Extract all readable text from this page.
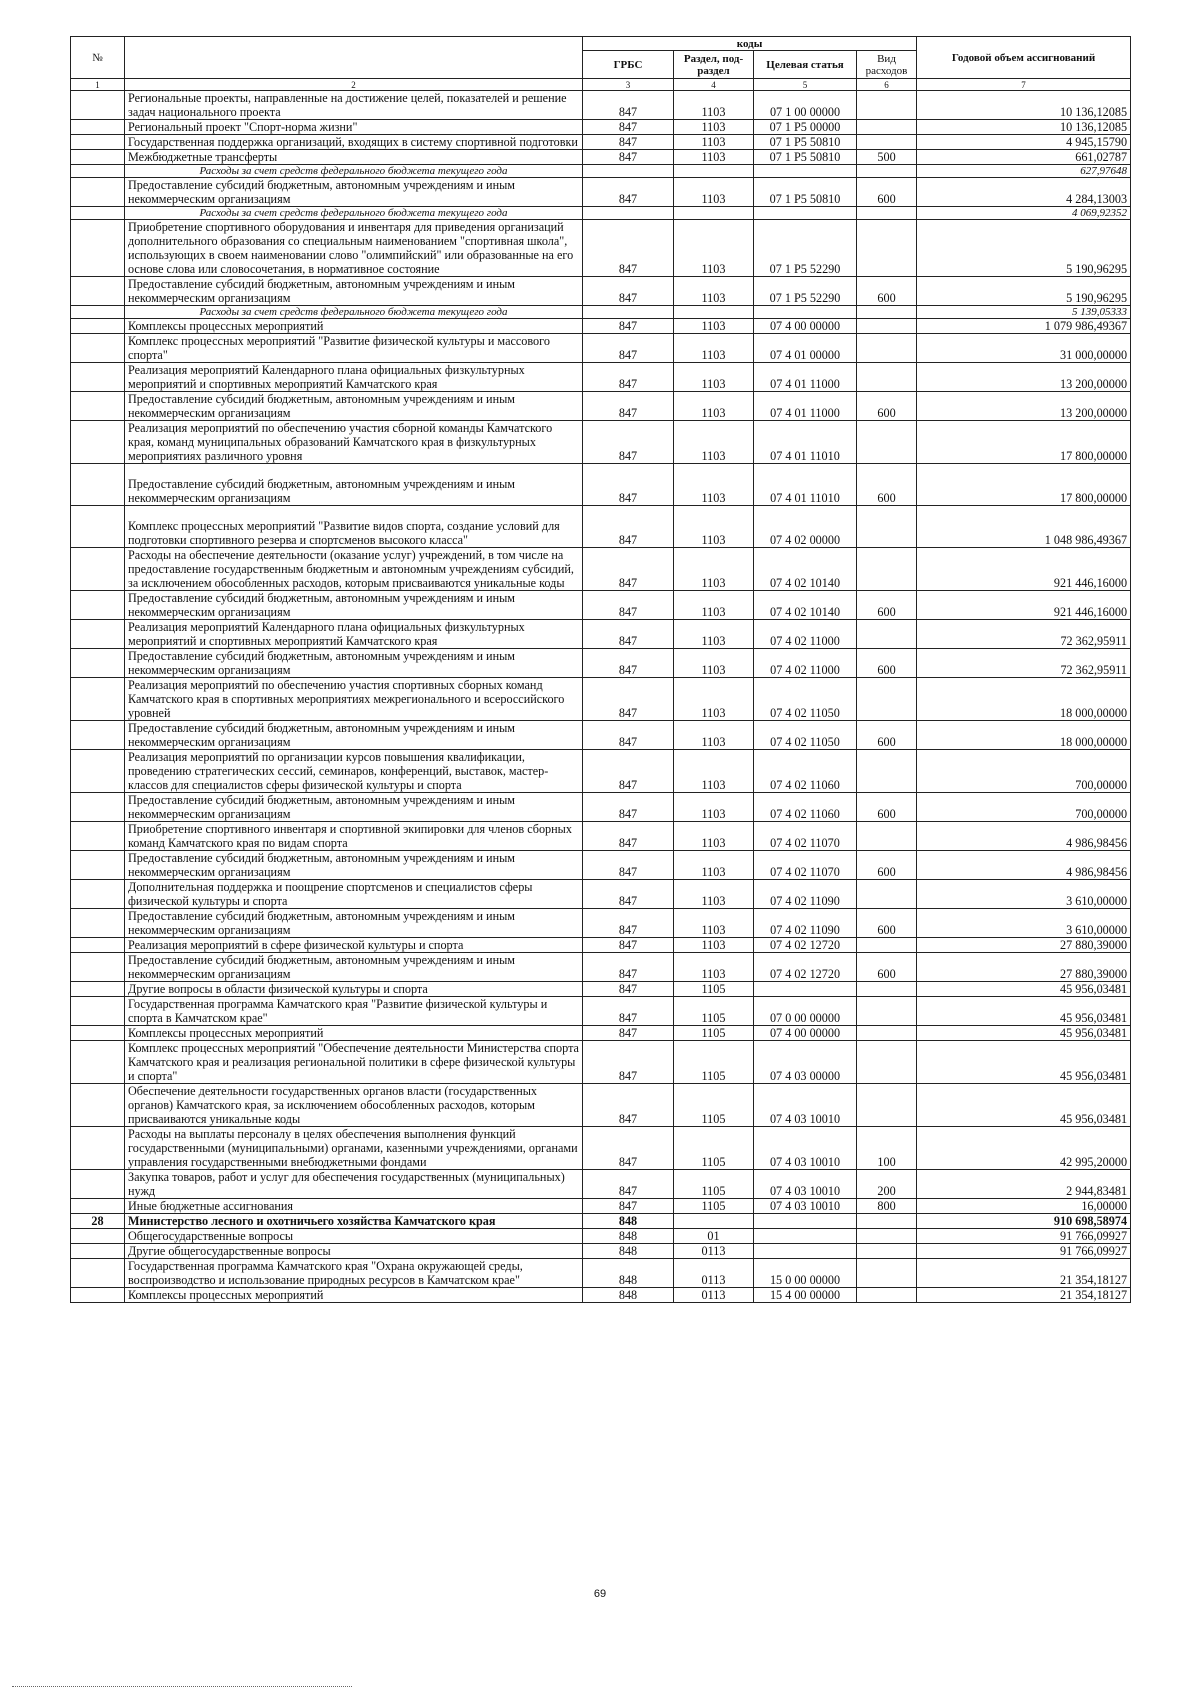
№		коды				Годовой объем ассигнований
		ГРБС	Раздел, под-раздел	Целевая статья	Вид расходов	
1	2	3	4	5	6	7
	Региональные проекты, направленные на достижение целей, показателей и решение задач национального проекта	847	1103	07 1 00 00000		10 136,12085
	Региональный проект "Спорт-норма жизни"	847	1103	07 1 P5 00000		10 136,12085
	Государственная поддержка организаций, входящих в систему спортивной подготовки	847	1103	07 1 P5 50810		4 945,15790
	Межбюджетные трансферты	847	1103	07 1 P5 50810	500	661,02787
	Расходы за счет средств федерального бюджета текущего года					627,97648
	Предоставление субсидий бюджетным, автономным учреждениям и иным некоммерческим организациям	847	1103	07 1 P5 50810	600	4 284,13003
	Расходы за счет средств федерального бюджета текущего года					4 069,92352
	Приобретение спортивного оборудования и инвентаря для приведения организаций дополнительного образования со специальным наименованием "спортивная школа", использующих в своем наименовании слово "олимпийский" или образованные на его основе слова или словосочетания, в нормативное состояние	847	1103	07 1 P5 52290		5 190,96295
	Предоставление субсидий бюджетным, автономным учреждениям и иным некоммерческим организациям	847	1103	07 1 P5 52290	600	5 190,96295
	Расходы за счет средств федерального бюджета текущего года					5 139,05333
	Комплексы процессных мероприятий	847	1103	07 4 00 00000		1 079 986,49367
	Комплекс процессных мероприятий "Развитие физической культуры и массового спорта"	847	1103	07 4 01 00000		31 000,00000
	Реализация мероприятий Календарного плана официальных физкультурных мероприятий и спортивных мероприятий Камчатского края	847	1103	07 4 01 11000		13 200,00000
	Предоставление субсидий бюджетным, автономным учреждениям и иным некоммерческим организациям	847	1103	07 4 01 11000	600	13 200,00000
	Реализация мероприятий по обеспечению участия сборной команды Камчатского края, команд муниципальных образований Камчатского края в физкультурных мероприятиях различного уровня	847	1103	07 4 01 11010		17 800,00000
	Предоставление субсидий бюджетным, автономным учреждениям и иным некоммерческим организациям	847	1103	07 4 01 11010	600	17 800,00000
	Комплекс процессных мероприятий "Развитие видов спорта, создание условий для подготовки спортивного резерва и спортсменов высокого класса"	847	1103	07 4 02 00000		1 048 986,49367
	Расходы на обеспечение деятельности (оказание услуг) учреждений, в том числе на предоставление государственным бюджетным и автономным учреждениям субсидий, за исключением обособленных расходов, которым присваиваются уникальные коды	847	1103	07 4 02 10140		921 446,16000
	Предоставление субсидий бюджетным, автономным учреждениям и иным некоммерческим организациям	847	1103	07 4 02 10140	600	921 446,16000
	Реализация мероприятий Календарного плана официальных физкультурных мероприятий и спортивных мероприятий Камчатского края	847	1103	07 4 02 11000		72 362,95911
	Предоставление субсидий бюджетным, автономным учреждениям и иным некоммерческим организациям	847	1103	07 4 02 11000	600	72 362,95911
	Реализация мероприятий по обеспечению участия спортивных сборных команд Камчатского края в спортивных мероприятиях межрегионального и всероссийского уровней	847	1103	07 4 02 11050		18 000,00000
	Предоставление субсидий бюджетным, автономным учреждениям и иным некоммерческим организациям	847	1103	07 4 02 11050	600	18 000,00000
	Реализация мероприятий по организации курсов повышения квалификации, проведению стратегических сессий, семинаров, конференций, выставок, мастер-классов для специалистов сферы физической культуры и спорта	847	1103	07 4 02 11060		700,00000
	Предоставление субсидий бюджетным, автономным учреждениям и иным некоммерческим организациям	847	1103	07 4 02 11060	600	700,00000
	Приобретение спортивного инвентаря и спортивной экипировки для членов сборных команд Камчатского края по видам спорта	847	1103	07 4 02 11070		4 986,98456
	Предоставление субсидий бюджетным, автономным учреждениям и иным некоммерческим организациям	847	1103	07 4 02 11070	600	4 986,98456
	Дополнительная поддержка и поощрение спортсменов и специалистов сферы физической культуры и спорта	847	1103	07 4 02 11090		3 610,00000
	Предоставление субсидий бюджетным, автономным учреждениям и иным некоммерческим организациям	847	1103	07 4 02 11090	600	3 610,00000
	Реализация мероприятий в сфере физической культуры и спорта	847	1103	07 4 02 12720		27 880,39000
	Предоставление субсидий бюджетным, автономным учреждениям и иным некоммерческим организациям	847	1103	07 4 02 12720	600	27 880,39000
	Другие вопросы в области физической культуры и спорта	847	1105			45 956,03481
	Государственная программа Камчатского края "Развитие физической культуры и спорта в Камчатском крае"	847	1105	07 0 00 00000		45 956,03481
	Комплексы процессных мероприятий	847	1105	07 4 00 00000		45 956,03481
	Комплекс процессных мероприятий "Обеспечение деятельности Министерства спорта Камчатского края и реализация региональной политики в сфере физической культуры и спорта"	847	1105	07 4 03 00000		45 956,03481
	Обеспечение деятельности государственных органов власти (государственных органов) Камчатского края, за исключением обособленных расходов, которым присваиваются уникальные коды	847	1105	07 4 03 10010		45 956,03481
	Расходы на выплаты персоналу в целях обеспечения выполнения функций государственными (муниципальными) органами, казенными учреждениями, органами управления государственными внебюджетными фондами	847	1105	07 4 03 10010	100	42 995,20000
	Закупка товаров, работ и услуг для обеспечения государственных (муниципальных) нужд	847	1105	07 4 03 10010	200	2 944,83481
	Иные бюджетные ассигнования	847	1105	07 4 03 10010	800	16,00000
28	Министерство лесного и охотничьего хозяйства Камчатского края	848				910 698,58974
	Общегосударственные вопросы	848	01			91 766,09927
	Другие общегосударственные вопросы	848	0113			91 766,09927
	Государственная программа Камчатского края "Охрана окружающей среды, воспроизводство и использование природных ресурсов в Камчатском крае"	848	0113	15 0 00 00000		21 354,18127
	Комплексы процессных мероприятий	848	0113	15 4 00 00000		21 354,18127
69
